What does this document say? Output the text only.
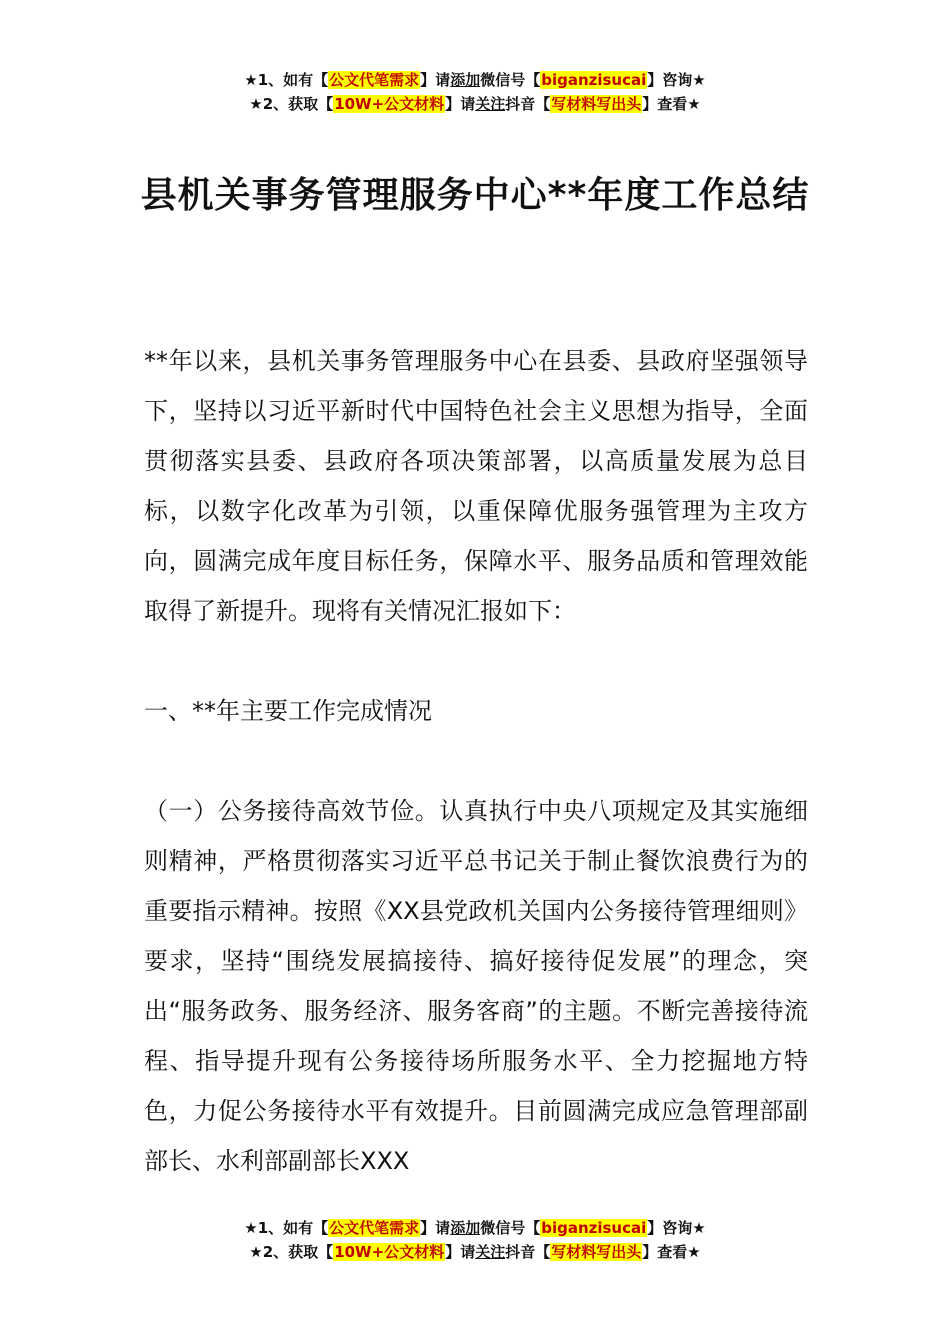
★1、如有【公文代笔需求】请添加微信号【biganzisucai】咨询★
★2、获取【10W+公文材料】请关注抖音【写材料写出头】查看★
县机关事务管理服务中心**年度工作总结

**年以来，县机关事务管理服务中心在县委、县政府坚强领导下，坚持以习近平新时代中国特色社会主义思想为指导，全面贯彻落实县委、县政府各项决策部署，以高质量发展为总目标，以数字化改革为引领，以重保障优服务强管理为主攻方向，圆满完成年度目标任务，保障水平、服务品质和管理效能取得了新提升。现将有关情况汇报如下：

一、**年主要工作完成情况

（一）公务接待高效节俭。认真执行中央八项规定及其实施细则精神，严格贯彻落实习近平总书记关于制止餐饮浪费行为的重要指示精神。按照《XX县党政机关国内公务接待管理细则》要求，坚持“围绕发展搞接待、搞好接待促发展”的理念，突出“服务政务、服务经济、服务客商”的主题。不断完善接待流程、指导提升现有公务接待场所服务水平、全力挖掘地方特色，力促公务接待水平有效提升。目前圆满完成应急管理部副部长、水利部副部长XXX

★1、如有【公文代笔需求】请添加微信号【biganzisucai】咨询★
★2、获取【10W+公文材料】请关注抖音【写材料写出头】查看★
